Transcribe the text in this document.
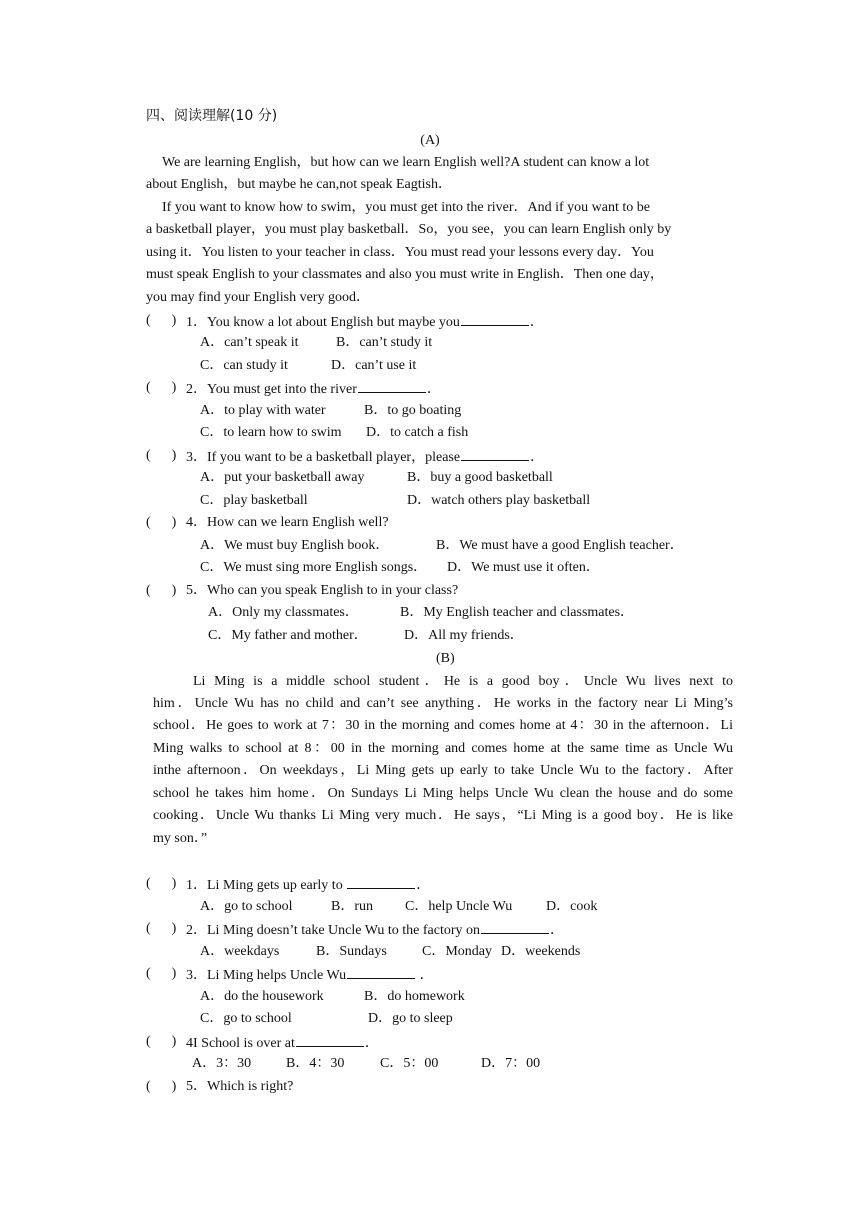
四、阅读理解(10 分)
(A)
We are learning English，but how can we learn English well?A student can know a lot
about English，but maybe he can,not speak Eagtish．
If you want to know how to swim，you must get into the river．And if you want to be
a basketball player，you must play basketball．So，you see，you can learn English only by
using it．You listen to your teacher in class．You must read your lessons every day．You
must speak English to your classmates and also you must write in English．Then one day，
you may find your English very good．
(      ) 1．You know a lot about English but maybe you	．
A．can’t speak it	B．can’t study it
C．can study it	D．can’t use it
(      ) 2．You must get into the river	．
A．to play with water	B．to go boating
C．to learn how to swim D．to catch a fish
(      ) 3．If you want to be a basketball player，please	．
A．put your basketball away	B．buy a good basketball
C．play basketball	D．watch others play basketball
(      ) 4．How can we learn English well?
A．We must buy English book．	B．We must have a good English teacher．
C．We must sing more English songs． D．We must use it often．
(      ) 5．Who can you speak English to in your class?
A．Only my classmates．	B．My English teacher and classmates．
C．My father and mother．	D．All my friends．
(B)
Li Ming is a middle school student．He is a good boy．Uncle Wu lives next to
him．Uncle Wu has no child and can’t see anything．He works in the factory near Li Ming’s
school．He goes to work at 7：30 in the morning and comes home at 4：30 in the afternoon．Li
Ming walks to school at 8：00 in the morning and comes home at the same time as Uncle Wu
inthe afternoon．On weekdays，Li Ming gets up early to take Uncle Wu to the factory．After
school he takes him home．On Sundays Li Ming helps Uncle Wu clean the house and do some
cooking．Uncle Wu thanks Li Ming very much．He says，“Li Ming is a good boy．He is like
my son．”
(      ) 1．Li Ming gets up early to	．
A．go to school	B．run C．help Uncle Wu D．cook
(      ) 2．Li Ming doesn’t take Uncle Wu to the factory on	．
A．weekdays	B．Sundays	C．Monday D．weekends
(      ) 3．Li Ming helps Uncle Wu	．
A．do the housework	B．do homework
C．go to school	D．go to sleep
(      ) 4I School is over at	．
A．3：30 B．4：30	C．5：00	D．7：00
(      ) 5．Which is right?
